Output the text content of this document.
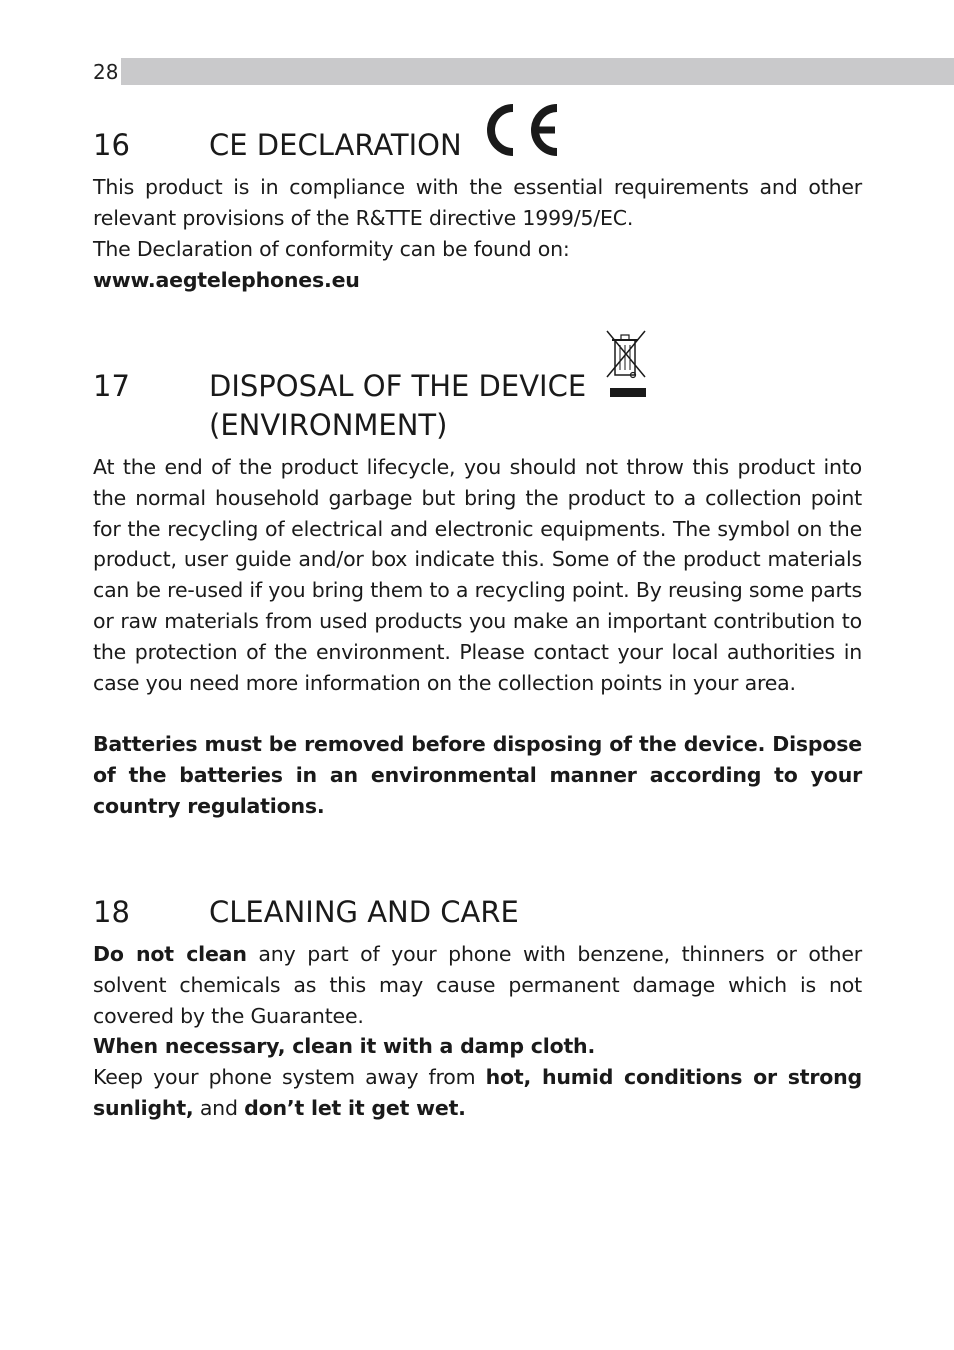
28
16	CE DECLARATION

This product is in compliance with the essential requirements and other relevant provisions of the R&TTE directive 1999/5/EC.

The Declaration of conformity can be found on:

www.aegtelephones.eu

17	DISPOSAL OF THE DEVICE
(ENVIRONMENT)

At the end of the product lifecycle, you should not throw this product into the normal household garbage but bring the product to a collection point for the recycling of electrical and electronic equipments. The symbol on the product, user guide and/or box indicate this. Some of the product materials can be re-used if you bring them to a recycling point. By reusing some parts or raw materials from used products you make an important contribution to the protection of the environment. Please contact your local authorities in case you need more information on the collection points in your area.

Batteries must be removed before disposing of the device. Dispose of the batteries in an environmental manner according to your country regulations.

18	CLEANING AND CARE

Do not clean any part of your phone with benzene, thinners or other solvent chemicals as this may cause permanent damage which is not covered by the Guarantee.

When necessary, clean it with a damp cloth.

Keep your phone system away from hot, humid conditions or strong sunlight, and don’t let it get wet.
